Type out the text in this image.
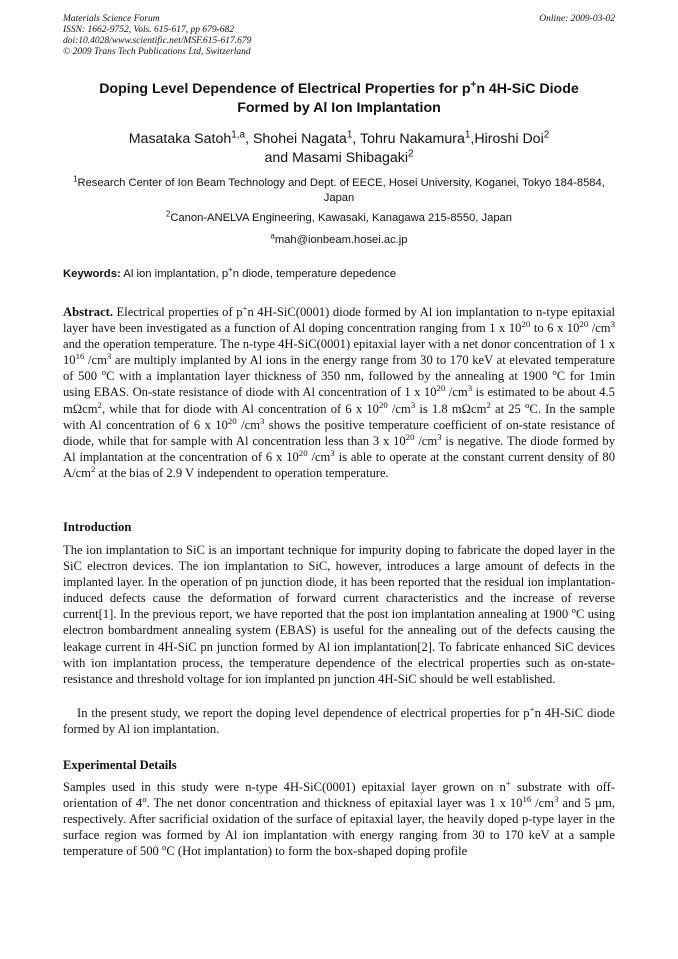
Materials Science Forum
ISSN: 1662-9752, Vols. 615-617, pp 679-682
doi:10.4028/www.scientific.net/MSF.615-617.679
© 2009 Trans Tech Publications Ltd, Switzerland
Online: 2009-03-02
Doping Level Dependence of Electrical Properties for p+n 4H-SiC Diode
Formed by Al Ion Implantation
Masataka Satoh$^{1,a}$, Shohei Nagata$^1$, Tohru Nakamura$^1$,Hiroshi Doi$^2$
and Masami Shibagaki$^2$
$^1$Research Center of Ion Beam Technology and Dept. of EECE, Hosei University, Koganei, Tokyo 184-8584, Japan
$^2$Canon-ANELVA Engineering, Kawasaki, Kanagawa 215-8550, Japan
$^a$mah@ionbeam.hosei.ac.jp
Keywords: Al ion implantation, p+n diode, temperature depedence
Abstract. Electrical properties of p+n 4H-SiC(0001) diode formed by Al ion implantation to n-type epitaxial layer have been investigated as a function of Al doping concentration ranging from 1 x $10^{20}$ to 6 x $10^{20}$ $/cm^3$ and the operation temperature. The n-type 4H-SiC(0001) epitaxial layer with a net donor concentration of 1 x $10^{16}$ $/cm^3$ are multiply implanted by Al ions in the energy range from 30 to 170 keV at elevated temperature of 500 $^o$C with a implantation layer thickness of 350 nm, followed by the annealing at 1900 $^o$C for 1min using EBAS. On-state resistance of diode with Al concentration of 1 x $10^{20}$ $/cm^3$ is estimated to be about 4.5 mΩcm$^2$, while that for diode with Al concentration of 6 x $10^{20}$ $/cm^3$ is 1.8 mΩcm$^2$ at 25 $^o$C. In the sample with Al concentration of 6 x $10^{20}$ $/cm^3$ shows the positive temperature coefficient of on-state resistance of diode, while that for sample with Al concentration less than 3 x $10^{20}$ $/cm^3$ is negative. The diode formed by Al implantation at the concentration of 6 x $10^{20}$ $/cm^3$ is able to operate at the constant current density of 80 $A/cm^2$ at the bias of 2.9 V independent to operation temperature.
Introduction
The ion implantation to SiC is an important technique for impurity doping to fabricate the doped layer in the SiC electron devices. The ion implantation to SiC, however, introduces a large amount of defects in the implanted layer. In the operation of pn junction diode, it has been reported that the residual ion implantation-induced defects cause the deformation of forward current characteristics and the increase of reverse current[1]. In the previous report, we have reported that the post ion implantation annealing at 1900 $^o$C using electron bombardment annealing system (EBAS) is useful for the annealing out of the defects causing the leakage current in 4H-SiC pn junction formed by Al ion implantation[2]. To fabricate enhanced SiC devices with ion implantation process, the temperature dependence of the electrical properties such as on-state-resistance and threshold voltage for ion implanted pn junction 4H-SiC should be well established.
In the present study, we report the doping level dependence of electrical properties for p+n 4H-SiC diode formed by Al ion implantation.
Experimental Details
Samples used in this study were n-type 4H-SiC(0001) epitaxial layer grown on n+ substrate with off-orientation of 4$^o$. The net donor concentration and thickness of epitaxial layer was 1 x $10^{16}$ $/cm^3$ and 5 µm, respectively. After sacrificial oxidation of the surface of epitaxial layer, the heavily doped p-type layer in the surface region was formed by Al ion implantation with energy ranging from 30 to 170 keV at a sample temperature of 500 $^o$C (Hot implantation) to form the box-shaped doping profile
